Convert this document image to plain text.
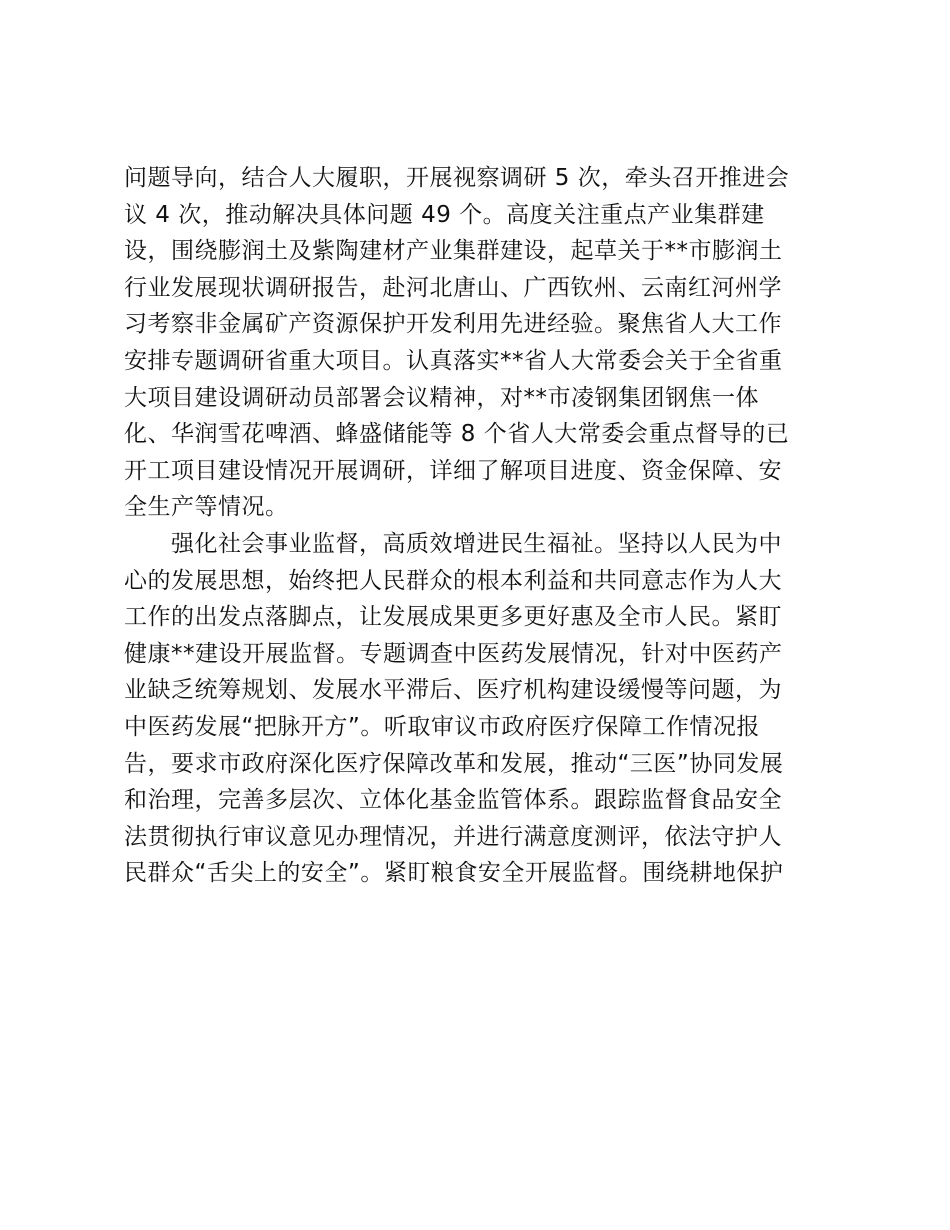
问题导向，结合人大履职，开展视察调研 5 次，牵头召开推进会
议 4 次，推动解决具体问题 49 个。高度关注重点产业集群建
设，围绕膨润土及紫陶建材产业集群建设，起草关于**市膨润土
行业发展现状调研报告，赴河北唐山、广西钦州、云南红河州学
习考察非金属矿产资源保护开发利用先进经验。聚焦省人大工作
安排专题调研省重大项目。认真落实**省人大常委会关于全省重
大项目建设调研动员部署会议精神，对**市凌钢集团钢焦一体
化、华润雪花啤酒、蜂盛储能等 8 个省人大常委会重点督导的已
开工项目建设情况开展调研，详细了解项目进度、资金保障、安
全生产等情况。
强化社会事业监督，高质效增进民生福祉。坚持以人民为中
心的发展思想，始终把人民群众的根本利益和共同意志作为人大
工作的出发点落脚点，让发展成果更多更好惠及全市人民。紧盯
健康**建设开展监督。专题调查中医药发展情况，针对中医药产
业缺乏统筹规划、发展水平滞后、医疗机构建设缓慢等问题，为
中医药发展“把脉开方”。听取审议市政府医疗保障工作情况报
告，要求市政府深化医疗保障改革和发展，推动“三医”协同发展
和治理，完善多层次、立体化基金监管体系。跟踪监督食品安全
法贯彻执行审议意见办理情况，并进行满意度测评，依法守护人
民群众“舌尖上的安全”。紧盯粮食安全开展监督。围绕耕地保护
